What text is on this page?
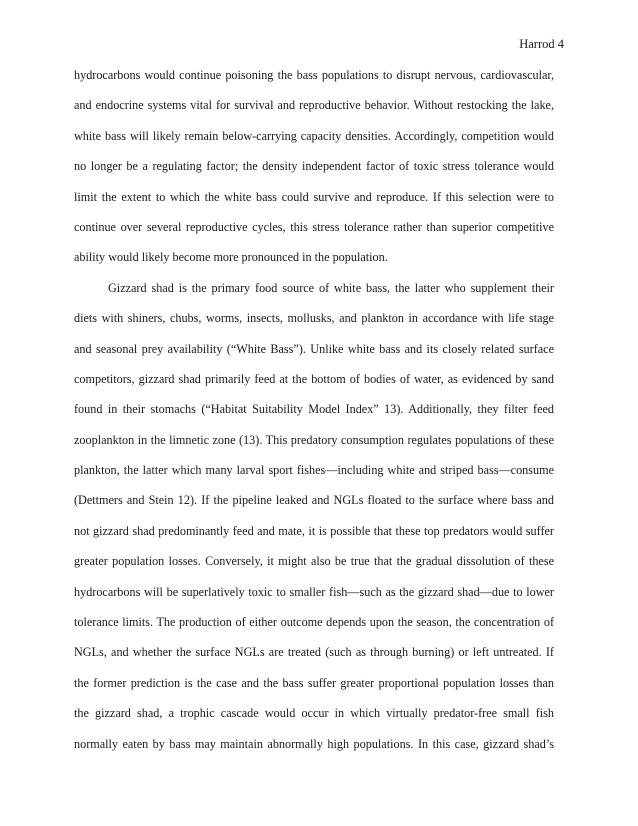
Harrod 4
hydrocarbons would continue poisoning the bass populations to disrupt nervous, cardiovascular,
and endocrine systems vital for survival and reproductive behavior. Without restocking the lake,
white bass will likely remain below-carrying capacity densities. Accordingly, competition would
no longer be a regulating factor; the density independent factor of toxic stress tolerance would
limit the extent to which the white bass could survive and reproduce. If this selection were to
continue over several reproductive cycles, this stress tolerance rather than superior competitive
ability would likely become more pronounced in the population.
Gizzard shad is the primary food source of white bass, the latter who supplement their
diets with shiners, chubs, worms, insects, mollusks, and plankton in accordance with life stage
and seasonal prey availability (“White Bass”). Unlike white bass and its closely related surface
competitors, gizzard shad primarily feed at the bottom of bodies of water, as evidenced by sand
found in their stomachs (“Habitat Suitability Model Index” 13). Additionally, they filter feed
zooplankton in the limnetic zone (13). This predatory consumption regulates populations of these
plankton, the latter which many larval sport fishes—including white and striped bass—consume
(Dettmers and Stein 12). If the pipeline leaked and NGLs floated to the surface where bass and
not gizzard shad predominantly feed and mate, it is possible that these top predators would suffer
greater population losses. Conversely, it might also be true that the gradual dissolution of these
hydrocarbons will be superlatively toxic to smaller fish—such as the gizzard shad—due to lower
tolerance limits. The production of either outcome depends upon the season, the concentration of
NGLs, and whether the surface NGLs are treated (such as through burning) or left untreated. If
the former prediction is the case and the bass suffer greater proportional population losses than
the gizzard shad, a trophic cascade would occur in which virtually predator-free small fish
normally eaten by bass may maintain abnormally high populations. In this case, gizzard shad’s
